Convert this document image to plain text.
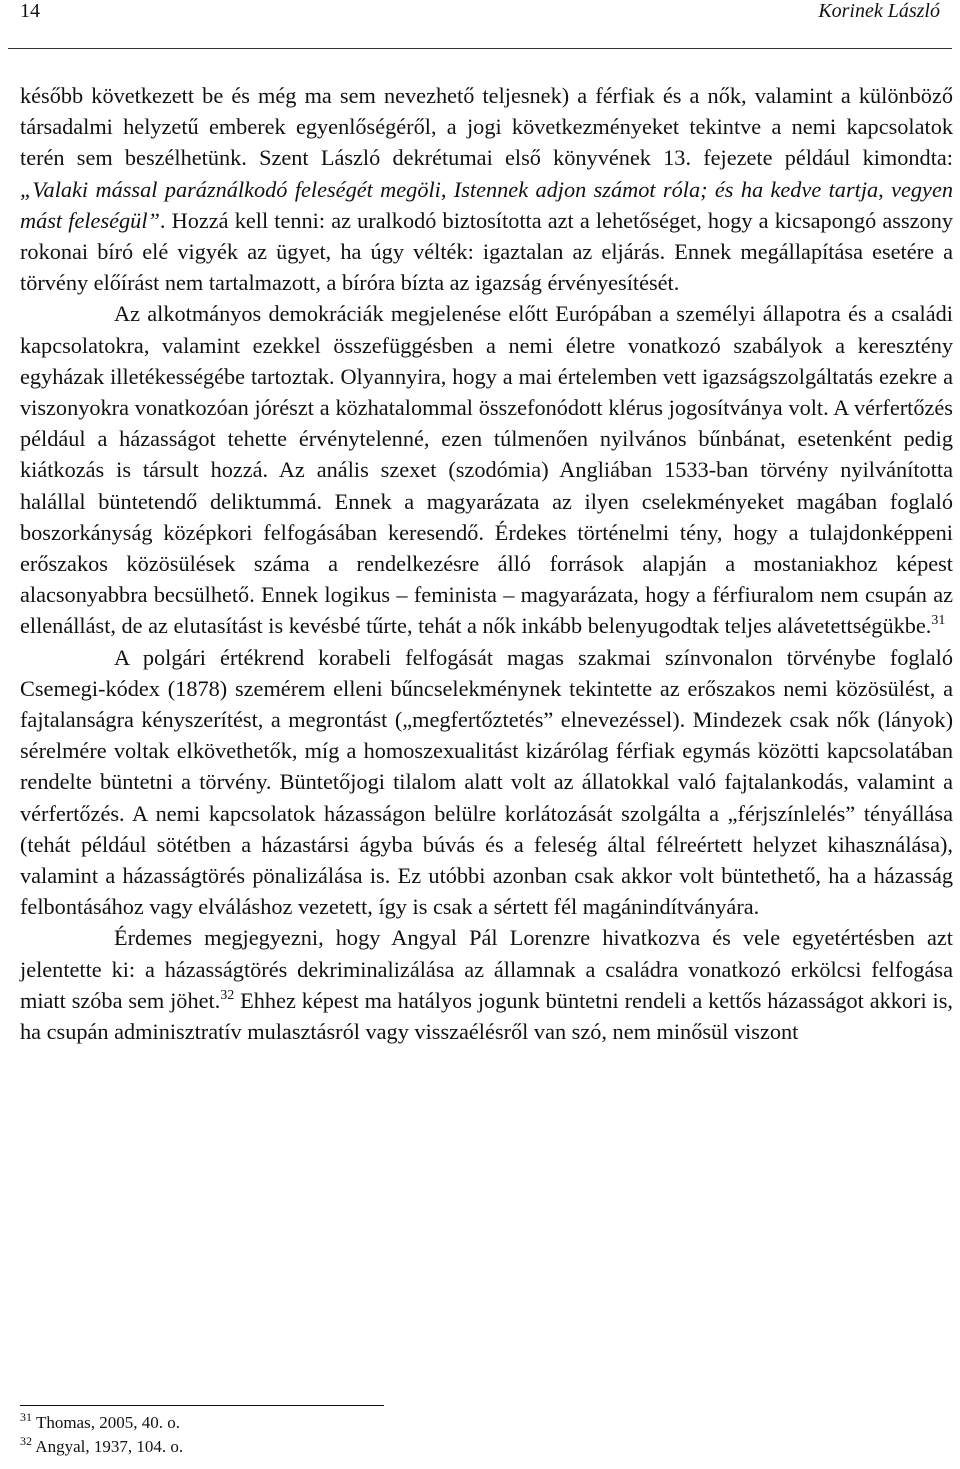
14	Korinek László

később következett be és még ma sem nevezhető teljesnek) a férfiak és a nők, valamint a különböző társadalmi helyzetű emberek egyenlőségéről, a jogi következményeket tekintve a nemi kapcsolatok terén sem beszélhetünk. Szent László dekrétumai első könyvének 13. fejezete például kimondta: „Valaki mással paráználkodó feleségét megöli, Istennek adjon számot róla; és ha kedve tartja, vegyen mást feleségül”. Hozzá kell tenni: az uralkodó biztosította azt a lehetőséget, hogy a kicsapongó asszony rokonai bíró elé vigyék az ügyet, ha úgy vélték: igaztalan az eljárás. Ennek megállapítása esetére a törvény előírást nem tartalmazott, a bíróra bízta az igazság érvényesítését.

Az alkotmányos demokráciák megjelenése előtt Európában a személyi állapotra és a családi kapcsolatokra, valamint ezekkel összefüggésben a nemi életre vonatkozó szabályok a keresztény egyházak illetékességébe tartoztak. Olyannyira, hogy a mai értelemben vett igazságszolgáltatás ezekre a viszonyokra vonatkozóan jórészt a közhatalommal összefonódott klérus jogosítványa volt. A vérfertőzés például a házasságot tehette érvénytelenné, ezen túlmenően nyilvános bűnbánat, esetenként pedig kiátkozás is társult hozzá. Az anális szexet (szodómia) Angliában 1533-ban törvény nyilvánította halállal büntetendő deliktummá. Ennek a magyarázata az ilyen cselekményeket magában foglaló boszorkányság középkori felfogásában keresendő. Érdekes történelmi tény, hogy a tulajdonképpeni erőszakos közösülések száma a rendelkezésre álló források alapján a mostaniakhoz képest alacsonyabbra becsülhető. Ennek logikus – feminista – magyarázata, hogy a férfiuralom nem csupán az ellenállást, de az elutasítást is kevésbé tűrte, tehát a nők inkább belenyugodtak teljes alávetettségükbe.$^{31}$

A polgári értékrend korabeli felfogását magas szakmai színvonalon törvénybe foglaló Csemegi-kódex (1878) szemérem elleni bűncselekménynek tekintette az erőszakos nemi közösülést, a fajtalanságra kényszerítést, a megrontást („megfertőztetés” elnevezéssel). Mindezek csak nők (lányok) sérelmére voltak elkövethetők, míg a homoszexualitást kizárólag férfiak egymás közötti kapcsolatában rendelte büntetni a törvény. Büntetőjogi tilalom alatt volt az állatokkal való fajtalankodás, valamint a vérfertőzés. A nemi kapcsolatok házasságon belülre korlátozását szolgálta a „férjszínlelés” tényállása (tehát például sötétben a házastársi ágyba búvás és a feleség által félreértett helyzet kihasználása), valamint a házasságtörés pönalizálása is. Ez utóbbi azonban csak akkor volt büntethető, ha a házasság felbontásához vagy elváláshoz vezetett, így is csak a sértett fél magánindítványára.

Érdemes megjegyezni, hogy Angyal Pál Lorenzre hivatkozva és vele egyetértésben azt jelentette ki: a házasságtörés dekriminalizálása az államnak a családra vonatkozó erkölcsi felfogása miatt szóba sem jöhet.$^{32}$ Ehhez képest ma hatályos jogunk büntetni rendeli a kettős házasságot akkori is, ha csupán adminisztratív mulasztásról vagy visszaélésről van szó, nem minősül viszont

$^{31}$ Thomas, 2005, 40. o.
$^{32}$ Angyal, 1937, 104. o.
